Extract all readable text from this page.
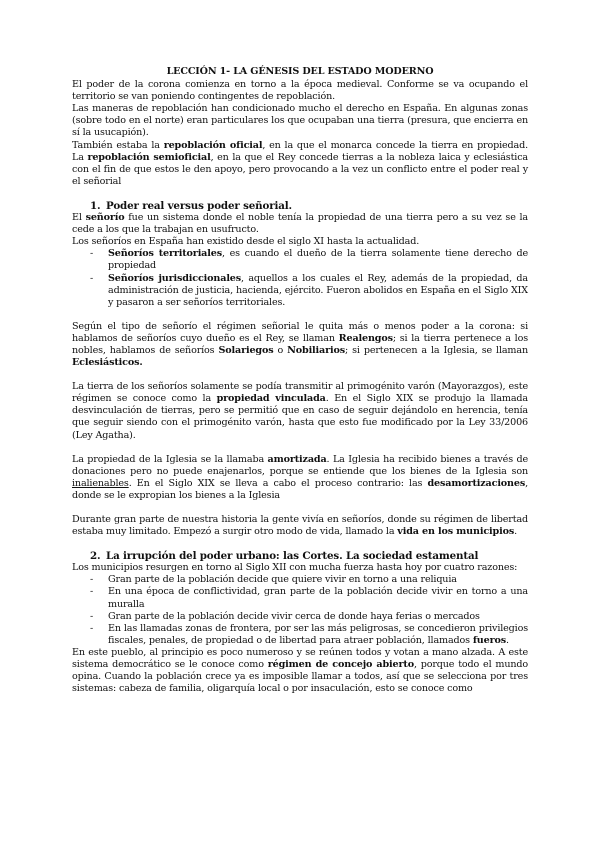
LECCIÓN 1- LA GÉNESIS DEL ESTADO MODERNO

El poder de la corona comienza en torno a la época medieval. Conforme se va ocupando el territorio se van poniendo contingentes de repoblación.

Las maneras de repoblación han condicionado mucho el derecho en España. En algunas zonas (sobre todo en el norte) eran particulares los que ocupaban una tierra (presura, que encierra en sí la usucapión).

También estaba la repoblación oficial, en la que el monarca concede la tierra en propiedad. La repoblación semioficial, en la que el Rey concede tierras a la nobleza laica y eclesiástica con el fin de que estos le den apoyo, pero provocando a la vez un conflicto entre el poder real y el señorial

1. Poder real versus poder señorial.

El señorío fue un sistema donde el noble tenía la propiedad de una tierra pero a su vez se la cede a los que la trabajan en usufructo.

Los señoríos en España han existido desde el siglo XI hasta la actualidad.

- Señoríos territoriales, es cuando el dueño de la tierra solamente tiene derecho de propiedad
- Señoríos jurisdiccionales, aquellos a los cuales el Rey, además de la propiedad, da administración de justicia, hacienda, ejército. Fueron abolidos en España en el Siglo XIX y pasaron a ser señoríos territoriales.

Según el tipo de señorío el régimen señorial le quita más o menos poder a la corona: si hablamos de señoríos cuyo dueño es el Rey, se llaman Realengos; si la tierra pertenece a los nobles, hablamos de señoríos Solariegos o Nobiliarios; si pertenecen a la Iglesia, se llaman Eclesiásticos.

La tierra de los señoríos solamente se podía transmitir al primogénito varón (Mayorazgos), este régimen se conoce como la propiedad vinculada. En el Siglo XIX se produjo la llamada desvinculación de tierras, pero se permitió que en caso de seguir dejándolo en herencia, tenía que seguir siendo con el primogénito varón, hasta que esto fue modificado por la Ley 33/2006 (Ley Agatha).

La propiedad de la Iglesia se la llamaba amortizada. La Iglesia ha recibido bienes a través de donaciones pero no puede enajenarlos, porque se entiende que los bienes de la Iglesia son inalienables. En el Siglo XIX se lleva a cabo el proceso contrario: las desamortizaciones, donde se le expropian los bienes a la Iglesia

Durante gran parte de nuestra historia la gente vivía en señoríos, donde su régimen de libertad estaba muy limitado. Empezó a surgir otro modo de vida, llamado la vida en los municipios.

2. La irrupción del poder urbano: las Cortes. La sociedad estamental

Los municipios resurgen en torno al Siglo XII con mucha fuerza hasta hoy por cuatro razones:

- Gran parte de la población decide que quiere vivir en torno a una reliquia
- En una época de conflictividad, gran parte de la población decide vivir en torno a una muralla
- Gran parte de la población decide vivir cerca de donde haya ferias o mercados
- En las llamadas zonas de frontera, por ser las más peligrosas, se concedieron privilegios fiscales, penales, de propiedad o de libertad para atraer población, llamados fueros.

En este pueblo, al principio es poco numeroso y se reúnen todos y votan a mano alzada. A este sistema democrático se le conoce como régimen de concejo abierto, porque todo el mundo opina. Cuando la población crece ya es imposible llamar a todos, así que se selecciona por tres sistemas: cabeza de familia, oligarquía local o por insaculación, esto se conoce como
